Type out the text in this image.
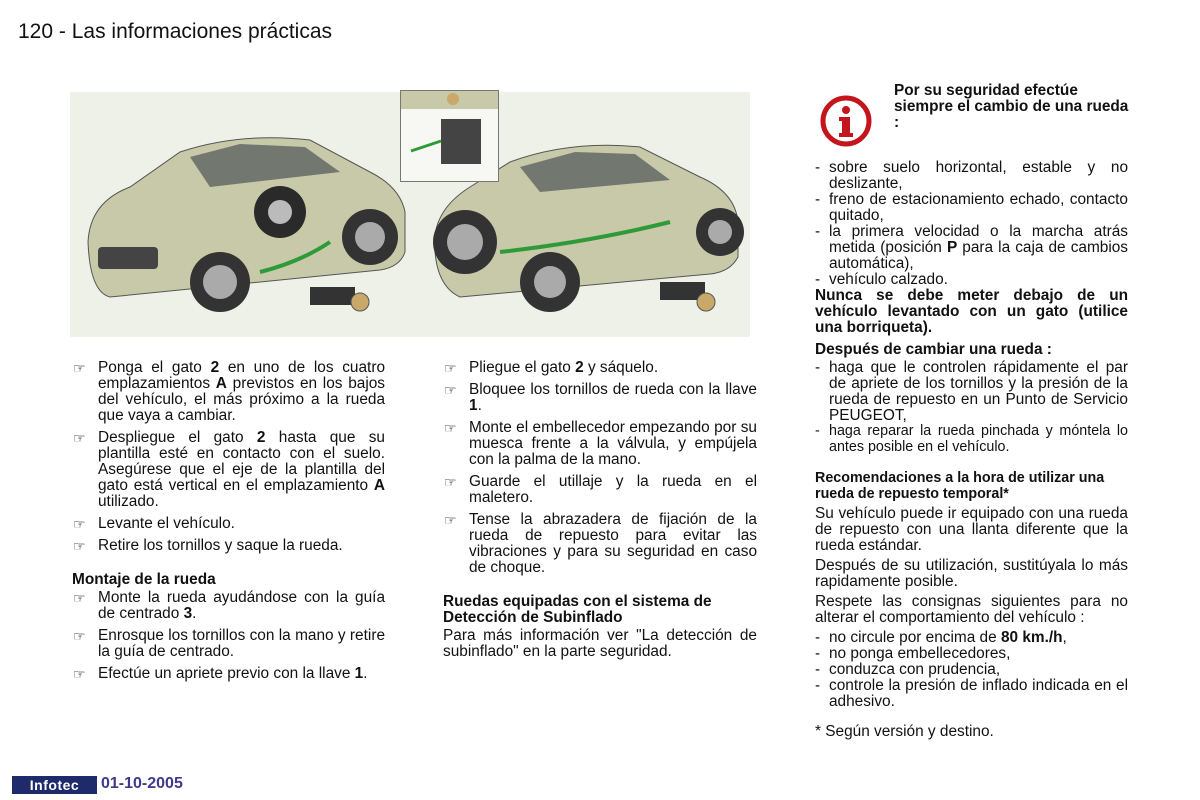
120 - Las informaciones prácticas
☞ Ponga el gato 2 en uno de los cuatro emplazamientos A previstos en los bajos del vehículo, el más próximo a la rueda que vaya a cambiar.
☞ Despliegue el gato 2 hasta que su plantilla esté en contacto con el suelo. Asegúrese que el eje de la plantilla del gato está vertical en el emplazamiento A utilizado.
☞ Levante el vehículo.
☞ Retire los tornillos y saque la rueda.
Montaje de la rueda
☞ Monte la rueda ayudándose con la guía de centrado 3.
☞ Enrosque los tornillos con la mano y retire la guía de centrado.
☞ Efectúe un apriete previo con la llave 1.
☞ Pliegue el gato 2 y sáquelo.
☞ Bloquee los tornillos de rueda con la llave 1.
☞ Monte el embellecedor empezando por su muesca frente a la válvula, y empújela con la palma de la mano.
☞ Guarde el utillaje y la rueda en el maletero.
☞ Tense la abrazadera de fijación de la rueda de repuesto para evitar las vibraciones y para su seguridad en caso de choque.
Ruedas equipadas con el sistema de Detección de Subinflado
Para más información ver "La detección de subinflado" en la parte seguridad.
Por su seguridad efectúe siempre el cambio de una rueda :
- sobre suelo horizontal, estable y no deslizante,
- freno de estacionamiento echado, contacto quitado,
- la primera velocidad o la marcha atrás metida (posición P para la caja de cambios automática),
- vehículo calzado.
Nunca se debe meter debajo de un vehículo levantado con un gato (utilice una borriqueta).
Después de cambiar una rueda :
- haga que le controlen rápidamente el par de apriete de los tornillos y la presión de la rueda de repuesto en un Punto de Servicio PEUGEOT,
- haga reparar la rueda pinchada y móntela lo antes posible en el vehículo.
Recomendaciones a la hora de utilizar una rueda de repuesto temporal*
Su vehículo puede ir equipado con una rueda de repuesto con una llanta diferente que la rueda estándar.
Después de su utilización, sustitúyala lo más rapidamente posible.
Respete las consignas siguientes para no alterar el comportamiento del vehículo :
- no circule por encima de 80 km./h,
- no ponga embellecedores,
- conduzca con prudencia,
- controle la presión de inflado indicada en el adhesivo.
* Según versión y destino.
Infotec	01-10-2005
